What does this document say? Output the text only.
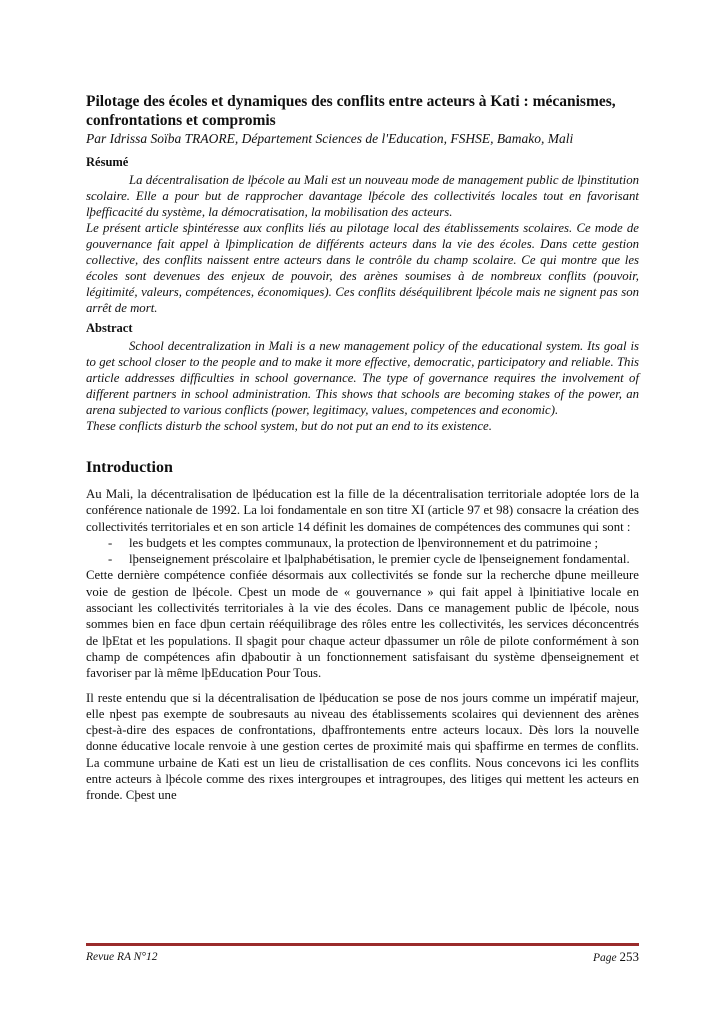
Pilotage des écoles et dynamiques des conflits entre acteurs à Kati : mécanismes, confrontations et compromis

Par Idrissa Soïba TRAORE, Département Sciences de l'Education, FSHSE, Bamako, Mali

Résumé

La décentralisation de lþécole au Mali est un nouveau mode de management public de lþinstitution scolaire. Elle a pour but de rapprocher davantage lþécole des collectivités locales tout en favorisant lþefficacité du système, la démocratisation, la mobilisation des acteurs.

Le présent article sþintéresse aux conflits liés au pilotage local des établissements scolaires. Ce mode de gouvernance fait appel à lþimplication de différents acteurs dans la vie des écoles. Dans cette gestion collective, des conflits naissent entre acteurs dans le contrôle du champ scolaire. Ce qui montre que les écoles sont devenues des enjeux de pouvoir, des arènes soumises à de nombreux conflits (pouvoir, légitimité, valeurs, compétences, économiques). Ces conflits déséquilibrent lþécole mais ne signent pas son arrêt de mort.

Abstract

School decentralization in Mali is a new management policy of the educational system. Its goal is to get school closer to the people and to make it more effective, democratic, participatory and reliable. This article addresses difficulties in school governance. The type of governance requires the involvement of different partners in school administration. This shows that schools are becoming stakes of the power, an arena subjected to various conflicts (power, legitimacy, values, competences and economic).

These conflicts disturb the school system, but do not put an end to its existence.

Introduction

Au Mali, la décentralisation de lþéducation est la fille de la décentralisation territoriale adoptée lors de la conférence nationale de 1992. La loi fondamentale en son titre XI (article 97 et 98) consacre la création des collectivités territoriales et en son article 14 définit les domaines de compétences des communes qui sont :

- les budgets et les comptes communaux, la protection de lþenvironnement et du patrimoine ;
- lþenseignement préscolaire et lþalphabétisation, le premier cycle de lþenseignement fondamental.

Cette dernière compétence confiée désormais aux collectivités se fonde sur la recherche dþune meilleure voie de gestion de lþécole. Cþest un mode de « gouvernance » qui fait appel à lþinitiative locale en associant les collectivités territoriales à la vie des écoles. Dans ce management public de lþécole, nous sommes bien en face dþun certain rééquilibrage des rôles entre les collectivités, les services déconcentrés de lþEtat et les populations. Il sþagit pour chaque acteur dþassumer un rôle de pilote conformément à son champ de compétences afin dþaboutir à un fonctionnement satisfaisant du système dþenseignement et favoriser par là même lþEducation Pour Tous.

Il reste entendu que si la décentralisation de lþéducation se pose de nos jours comme un impératif majeur, elle nþest pas exempte de soubresauts au niveau des établissements scolaires qui deviennent des arènes cþest-à-dire des espaces de confrontations, dþaffrontements entre acteurs locaux. Dès lors la nouvelle donne éducative locale renvoie à une gestion certes de proximité mais qui sþaffirme en termes de conflits. La commune urbaine de Kati est un lieu de cristallisation de ces conflits. Nous concevons ici les conflits entre acteurs à lþécole comme des rixes intergroupes et intragroupes, des litiges qui mettent les acteurs en fronde. Cþest une

Revue RA N°12	Page 253
